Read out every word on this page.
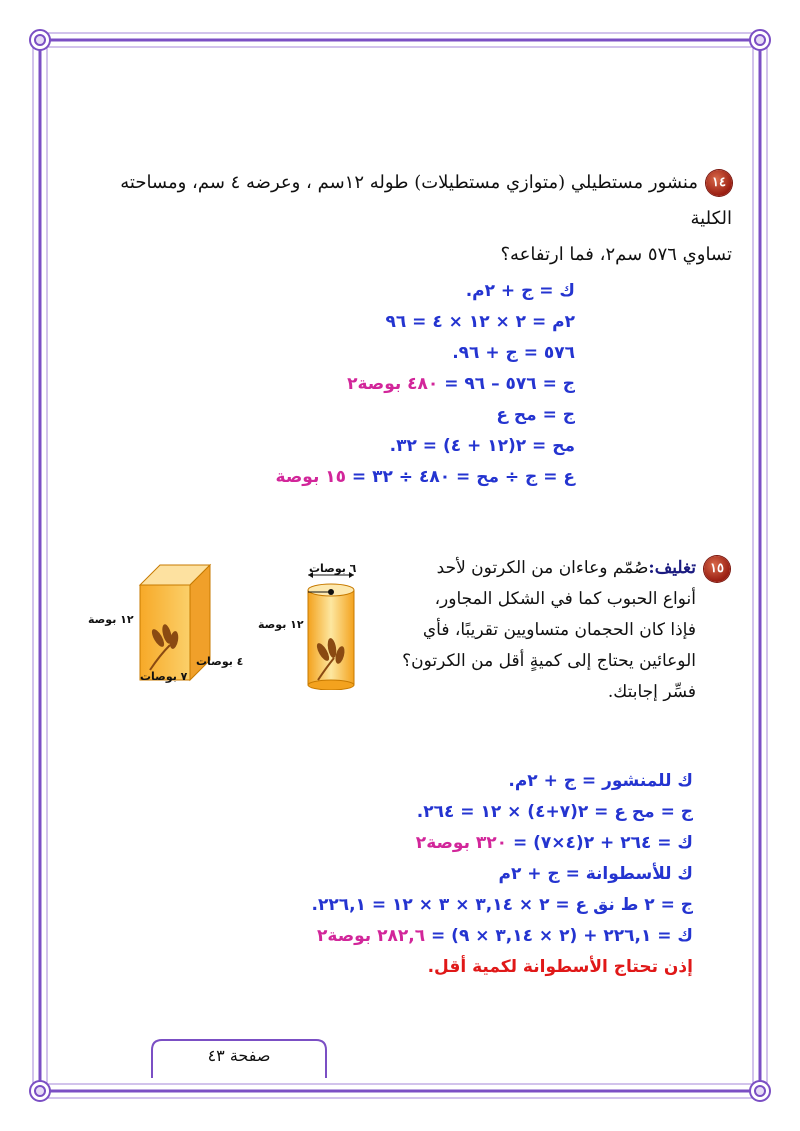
١٤منشور مستطيلي (متوازي مستطيلات) طوله ١٢سم ، وعرضه ٤ سم، ومساحته الكلية
تساوي ٥٧٦ سم٢، فما ارتفاعه؟
ك = ج + ٢م.
٢م = ٢ × ١٢ × ٤ = ٩٦
٥٧٦ = ج + ٩٦.
ج = ٥٧٦ – ٩٦ = ٤٨٠ بوصة٢
ج = مح ع
مح = ٢(١٢ + ٤) = ٣٢.
ع = ج ÷ مح = ٤٨٠ ÷ ٣٢ = ١٥ بوصة
١٥تغليف:صُمّم وعاءان من الكرتون لأحد
أنواع الحبوب كما في الشكل المجاور،
فإذا كان الحجمان متساويين تقريبًا، فأي
الوعائين يحتاج إلى كميةٍ أقل من الكرتون؟
فسِّر إجابتك.
٦ بوصات
١٢ بوصة
١٢ بوصة
٤ بوصات
٧ بوصات
ك للمنشور = ج + ٢م.
ج = مح ع = ٢(٧+٤) × ١٢ = ٢٦٤.
ك = ٢٦٤ + ٢(٤×٧) = ٣٢٠ بوصة٢
ك للأسطوانة = ج + ٢م
ج = ٢ ط نق ع = ٢ × ٣,١٤ × ٣ × ١٢ = ٢٢٦,١.
ك = ٢٢٦,١ + (٢ × ٣,١٤ × ٩) = ٢٨٢,٦ بوصة٢
إذن تحتاج الأسطوانة لكمية أقل.
صفحة ٤٣
